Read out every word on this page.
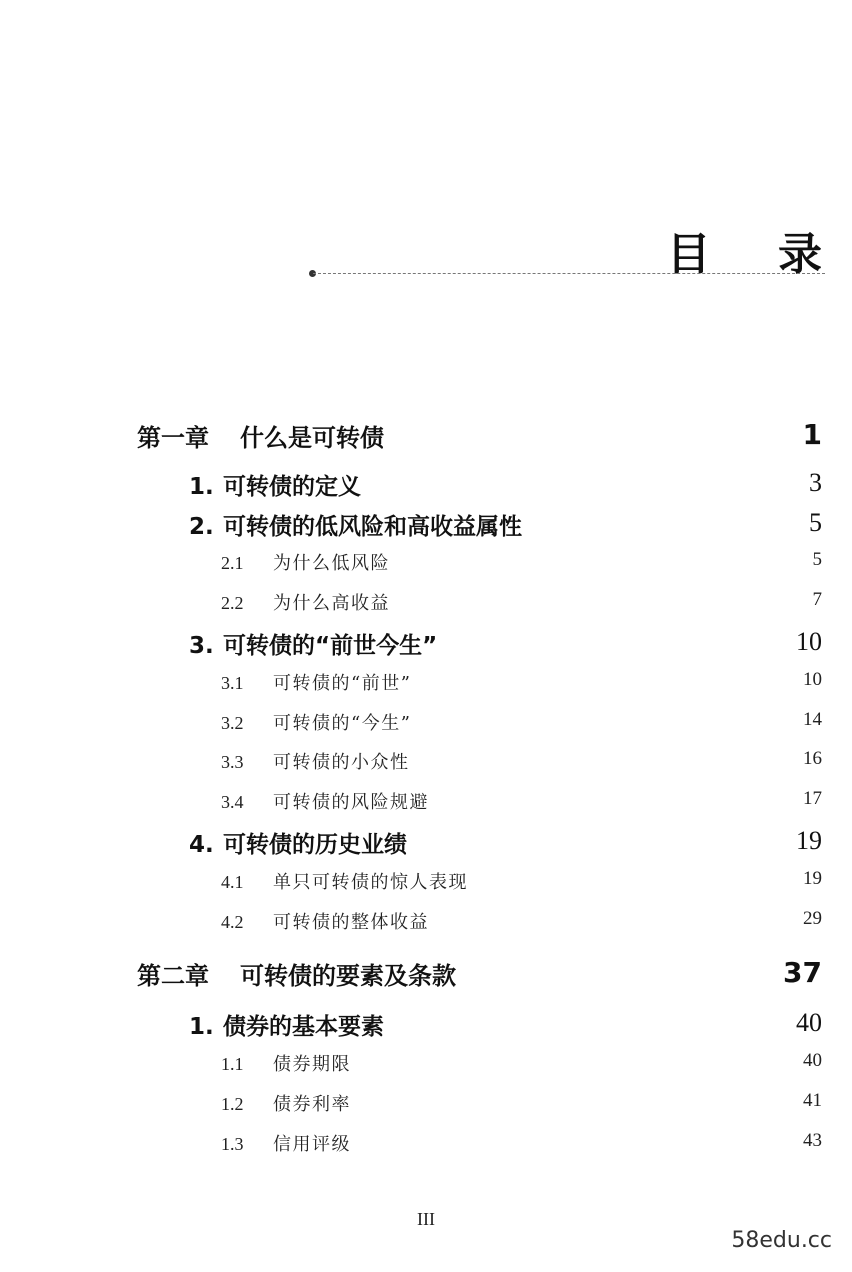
目 录
第一章 什么是可转债	1
1. 可转债的定义	3
2. 可转债的低风险和高收益属性	5
2.1 为什么低风险	5
2.2 为什么高收益	7
3. 可转债的“前世今生”	10
3.1 可转债的“前世”	10
3.2 可转债的“今生”	14
3.3 可转债的小众性	16
3.4 可转债的风险规避	17
4. 可转债的历史业绩	19
4.1 单只可转债的惊人表现	19
4.2 可转债的整体收益	29
第二章 可转债的要素及条款	37
1. 债券的基本要素	40
1.1 债券期限	40
1.2 债券利率	41
1.3 信用评级	43
III
58edu.cc
